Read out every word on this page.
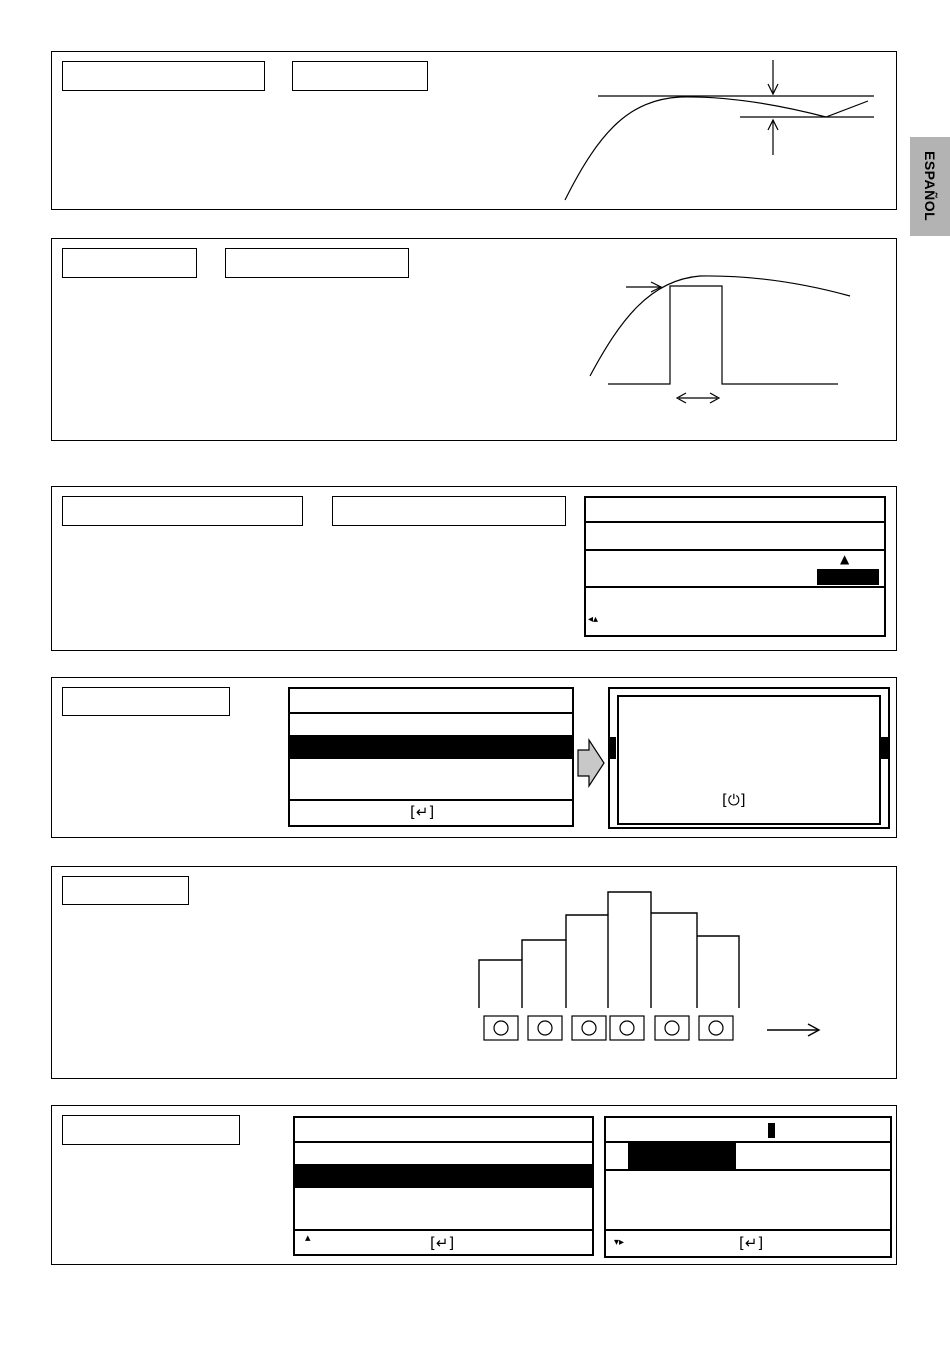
ESPAÑOL
▲
◂▴
[↵]
[⏻]
▴	[↵]	▾▸	[↵]
